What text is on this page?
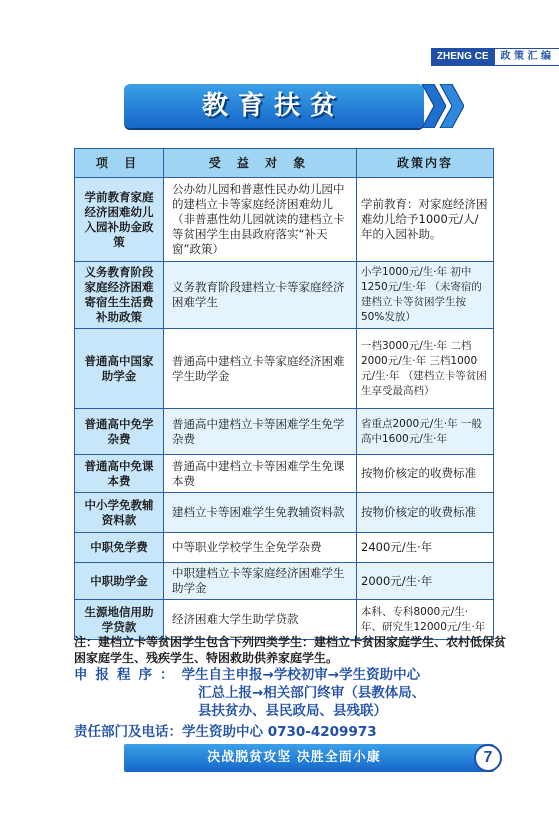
ZHENG CE	政 策 汇 编
教育扶贫
项 目	受 益 对 象	政策内容
学前教育家庭经济困难幼儿入园补助金政策	公办幼儿园和普惠性民办幼儿园中的建档立卡等家庭经济困难幼儿（非普惠性幼儿园就读的建档立卡等贫困学生由县政府落实“补天窗”政策）	学前教育：对家庭经济困难幼儿给予1000元/人/年的入园补助。
义务教育阶段家庭经济困难寄宿生生活费补助政策	义务教育阶段建档立卡等家庭经济困难学生	小学1000元/生·年 初中1250元/生·年 （未寄宿的建档立卡等贫困学生按50%发放）
普通高中国家助学金	普通高中建档立卡等家庭经济困难学生助学金	一档3000元/生·年 二档2000元/生·年 三档1000元/生·年 （建档立卡等贫困生享受最高档）
普通高中免学杂费	普通高中建档立卡等困难学生免学杂费	省重点2000元/生·年 一般高中1600元/生·年
普通高中免课本费	普通高中建档立卡等困难学生免课本费	按物价核定的收费标准
中小学免教辅资料款	建档立卡等困难学生免教辅资料款	按物价核定的收费标准
中职免学费	中等职业学校学生全免学杂费	2400元/生·年
中职助学金	中职建档立卡等家庭经济困难学生助学金	2000元/生·年
生源地信用助学贷款	经济困难大学生助学贷款	本科、专科8000元/生·年、研究生12000元/生·年
注：建档立卡等贫困学生包含下列四类学生：建档立卡贫困家庭学生、农村低保贫困家庭学生、残疾学生、特困救助供养家庭学生。
申报程序：学生自主申报→学校初审→学生资助中心
汇总上报→相关部门终审（县教体局、
县扶贫办、县民政局、县残联）
责任部门及电话：学生资助中心 0730-4209973
决战脱贫攻坚 决胜全面小康	7
